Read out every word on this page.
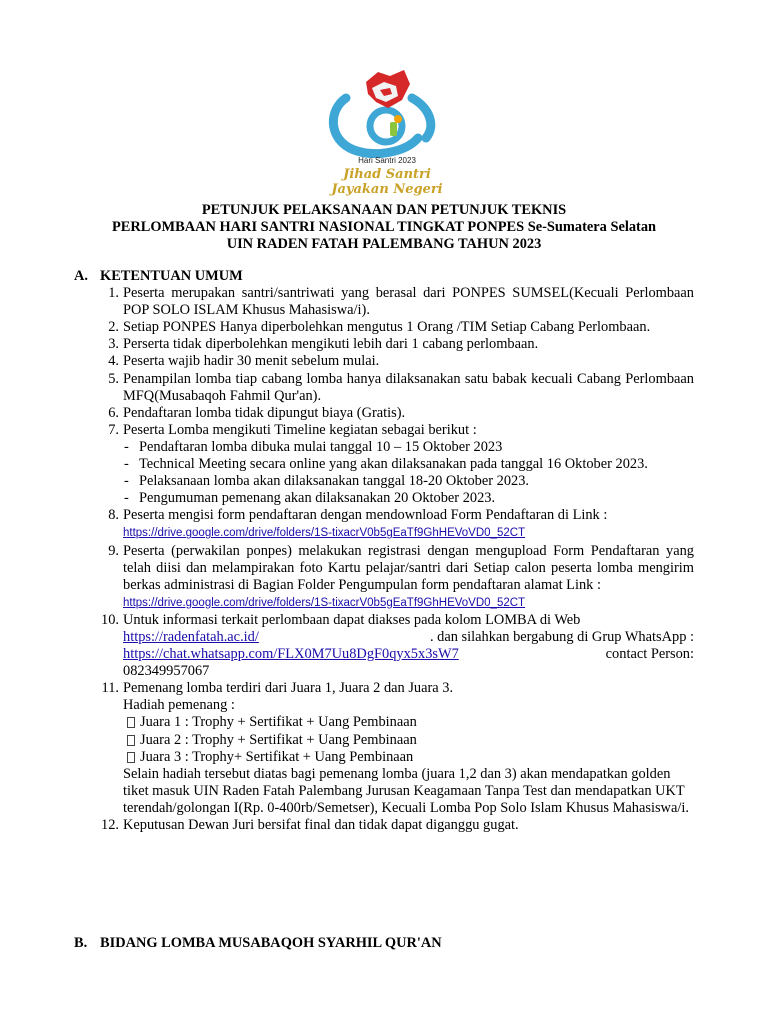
Hari Santri 2023
Jihad Santri
Jayakan Negeri
PETUNJUK PELAKSANAAN DAN PETUNJUK TEKNIS
PERLOMBAAN HARI SANTRI NASIONAL TINGKAT PONPES Se-Sumatera Selatan
UIN RADEN FATAH PALEMBANG TAHUN 2023
A. KETENTUAN UMUM
1. Peserta merupakan santri/santriwati yang berasal dari PONPES SUMSEL(Kecuali Perlombaan POP SOLO ISLAM Khusus Mahasiswa/i).
2. Setiap PONPES Hanya diperbolehkan mengutus 1 Orang /TIM Setiap Cabang Perlombaan.
3. Perserta tidak diperbolehkan mengikuti lebih dari 1 cabang perlombaan.
4. Peserta wajib hadir 30 menit sebelum mulai.
5. Penampilan lomba tiap cabang lomba hanya dilaksanakan satu babak kecuali Cabang Perlombaan MFQ(Musabaqoh Fahmil Qur'an).
6. Pendaftaran lomba tidak dipungut biaya (Gratis).
7. Peserta Lomba mengikuti Timeline kegiatan sebagai berikut :
- Pendaftaran lomba dibuka mulai tanggal 10 – 15 Oktober 2023
- Technical Meeting secara online yang akan dilaksanakan pada tanggal 16 Oktober 2023.
- Pelaksanaan lomba akan dilaksanakan tanggal 18-20 Oktober 2023.
- Pengumuman pemenang akan dilaksanakan 20 Oktober 2023.
8. Peserta mengisi form pendaftaran dengan mendownload Form Pendaftaran di Link :
https://drive.google.com/drive/folders/1S-tixacrV0b5gEaTf9GhHEVoVD0_52CT
9. Peserta (perwakilan ponpes) melakukan registrasi dengan mengupload Form Pendaftaran yang telah diisi dan melampirakan foto Kartu pelajar/santri dari Setiap calon peserta lomba mengirim berkas administrasi di Bagian Folder Pengumpulan form pendaftaran alamat Link :
https://drive.google.com/drive/folders/1S-tixacrV0b5gEaTf9GhHEVoVD0_52CT
10. Untuk informasi terkait perlombaan dapat diakses pada kolom LOMBA di Web
https://radenfatah.ac.id/	. dan silahkan bergabung di Grup WhatsApp :
https://chat.whatsapp.com/FLX0M7Uu8DgF0qyx5x3sW7	contact Person:
082349957067
11. Pemenang lomba terdiri dari Juara 1, Juara 2 dan Juara 3.
Hadiah pemenang :
Juara 1 : Trophy + Sertifikat + Uang Pembinaan
Juara 2 : Trophy + Sertifikat + Uang Pembinaan
Juara 3 : Trophy+ Sertifikat + Uang Pembinaan
Selain hadiah tersebut diatas bagi pemenang lomba (juara 1,2 dan 3) akan mendapatkan golden tiket masuk UIN Raden Fatah Palembang Jurusan Keagamaan Tanpa Test dan mendapatkan UKT terendah/golongan I(Rp. 0-400rb/Semetser), Kecuali Lomba Pop Solo Islam Khusus Mahasiswa/i.
12. Keputusan Dewan Juri bersifat final dan tidak dapat diganggu gugat.
B. BIDANG LOMBA MUSABAQOH SYARHIL QUR'AN
